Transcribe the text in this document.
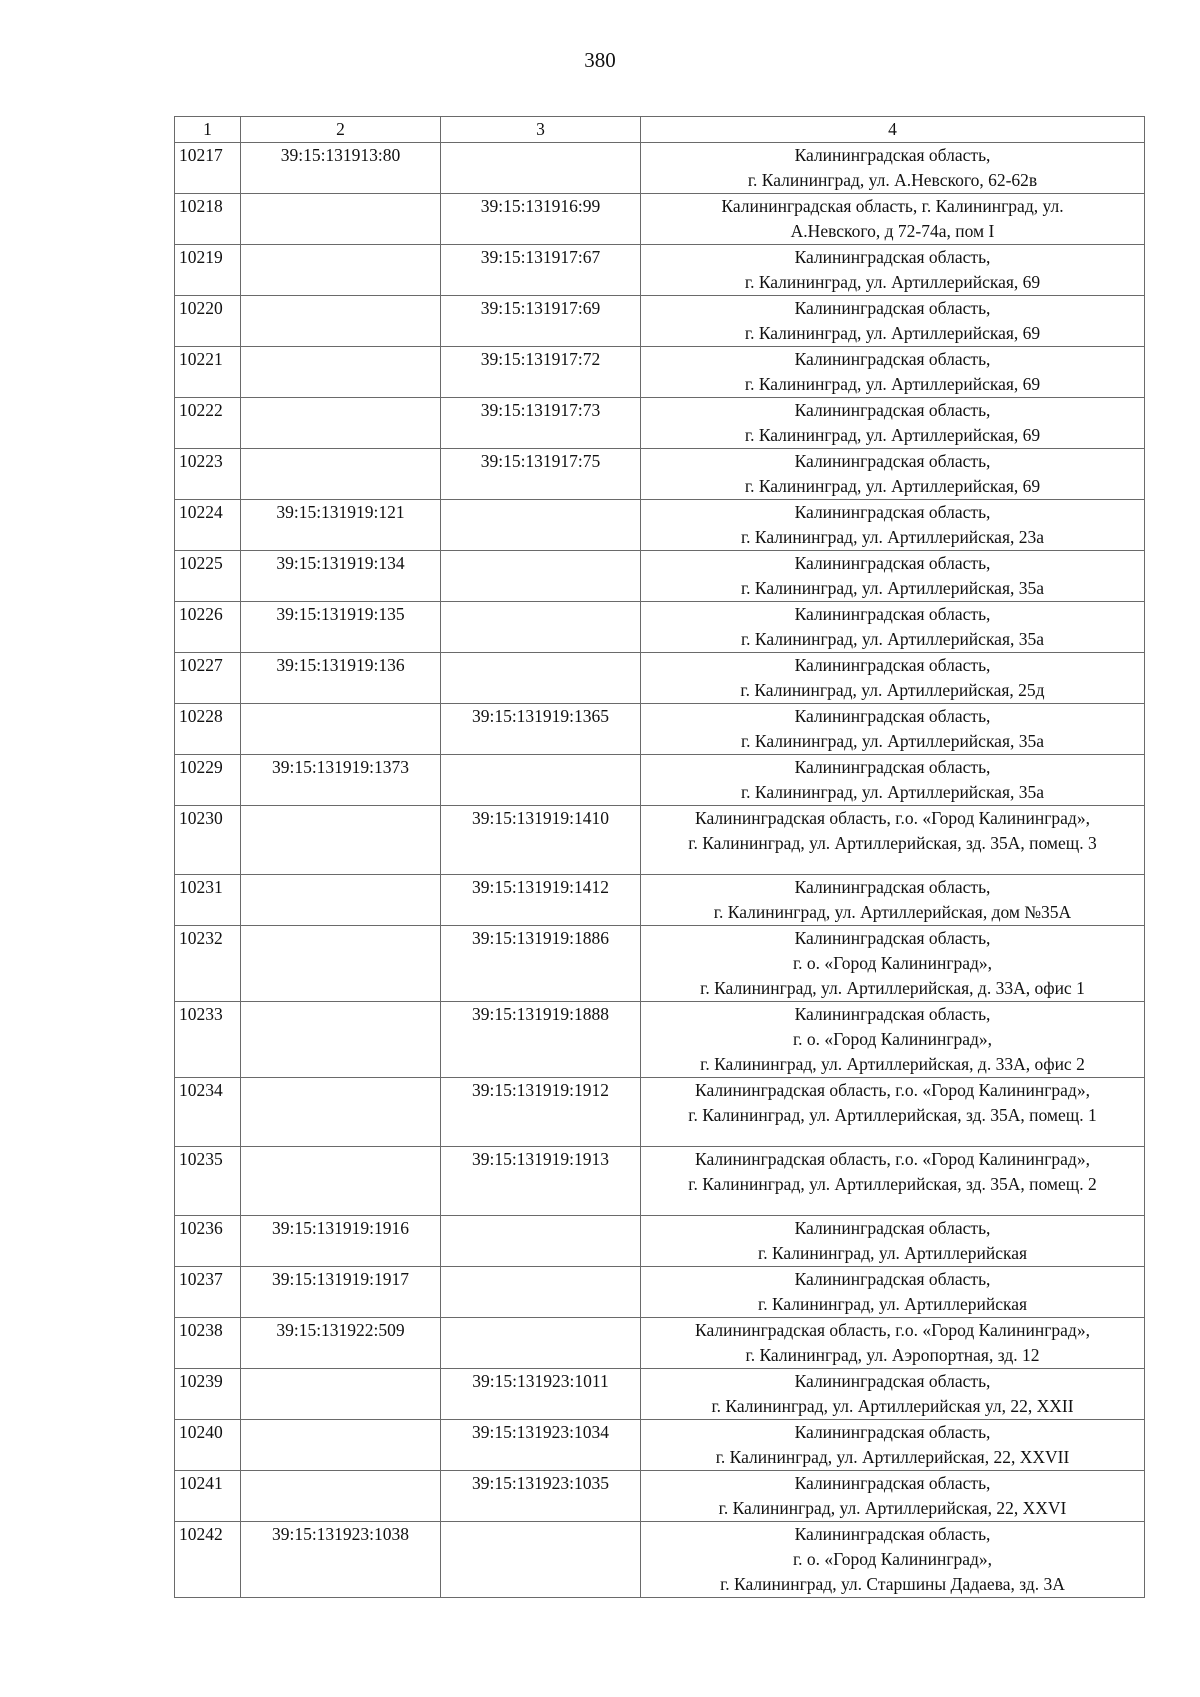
380
1	2	3	4
10217	39:15:131913:80		Калининградская область,
г. Калининград, ул. А.Невского, 62-62в

10218		39:15:131916:99	Калининградская область, г. Калининград, ул.
А.Невского, д 72-74а, пом I

10219		39:15:131917:67	Калининградская область,
г. Калининград, ул. Артиллерийская, 69

10220		39:15:131917:69	Калининградская область,
г. Калининград, ул. Артиллерийская, 69

10221		39:15:131917:72	Калининградская область,
г. Калининград, ул. Артиллерийская, 69

10222		39:15:131917:73	Калининградская область,
г. Калининград, ул. Артиллерийская, 69

10223		39:15:131917:75	Калининградская область,
г. Калининград, ул. Артиллерийская, 69

10224	39:15:131919:121		Калининградская область,
г. Калининград, ул. Артиллерийская, 23а

10225	39:15:131919:134		Калининградская область,
г. Калининград, ул. Артиллерийская, 35а

10226	39:15:131919:135		Калининградская область,
г. Калининград, ул. Артиллерийская, 35а

10227	39:15:131919:136		Калининградская область,
г. Калининград, ул. Артиллерийская, 25д

10228		39:15:131919:1365	Калининградская область,
г. Калининград, ул. Артиллерийская, 35а

10229	39:15:131919:1373		Калининградская область,
г. Калининград, ул. Артиллерийская, 35а

10230		39:15:131919:1410	Калининградская область, г.о. «Город Калининград»,
г. Калининград, ул. Артиллерийская, зд. 35А, помещ. 3

10231		39:15:131919:1412	Калининградская область,
г. Калининград, ул. Артиллерийская, дом №35А

10232		39:15:131919:1886	Калининградская область,
г. о. «Город Калининград»,
г. Калининград, ул. Артиллерийская, д. 33А, офис 1

10233		39:15:131919:1888	Калининградская область,
г. о. «Город Калининград»,
г. Калининград, ул. Артиллерийская, д. 33А, офис 2

10234		39:15:131919:1912	Калининградская область, г.о. «Город Калининград»,
г. Калининград, ул. Артиллерийская, зд. 35А, помещ. 1

10235		39:15:131919:1913	Калининградская область, г.о. «Город Калининград»,
г. Калининград, ул. Артиллерийская, зд. 35А, помещ. 2

10236	39:15:131919:1916		Калининградская область,
г. Калининград, ул. Артиллерийская

10237	39:15:131919:1917		Калининградская область,
г. Калининград, ул. Артиллерийская

10238	39:15:131922:509		Калининградская область, г.о. «Город Калининград»,
г. Калининград, ул. Аэропортная, зд. 12

10239		39:15:131923:1011	Калининградская область,
г. Калининград, ул. Артиллерийская ул, 22, XXII

10240		39:15:131923:1034	Калининградская область,
г. Калининград, ул. Артиллерийская, 22, XXVII

10241		39:15:131923:1035	Калининградская область,
г. Калининград, ул. Артиллерийская, 22, XXVI

10242	39:15:131923:1038		Калининградская область,
г. о. «Город Калининград»,
г. Калининград, ул. Старшины Дадаева, зд. 3А
